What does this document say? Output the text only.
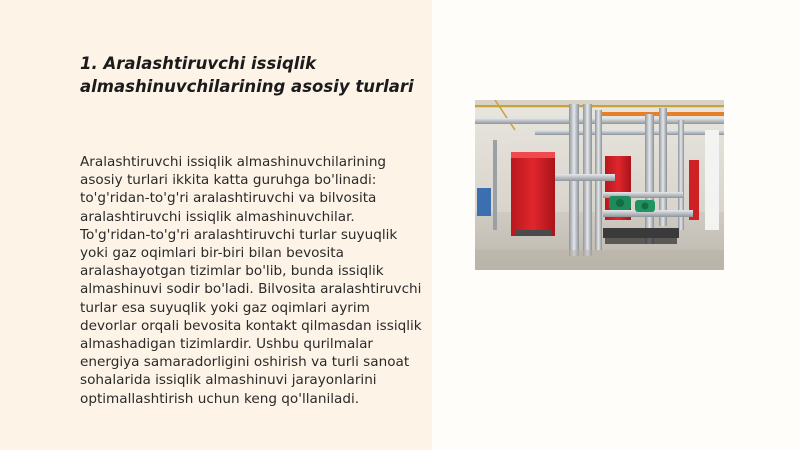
1. Aralashtiruvchi issiqlik almashinuvchilarining asosiy turlari

Aralashtiruvchi issiqlik almashinuvchilarining asosiy turlari ikkita katta guruhga bo'linadi: to'g'ridan-to'g'ri aralashtiruvchi va bilvosita aralashtiruvchi issiqlik almashinuvchilar. To'g'ridan-to'g'ri aralashtiruvchi turlar suyuqlik yoki gaz oqimlari bir-biri bilan bevosita aralashayotgan tizimlar bo'lib, bunda issiqlik almashinuvi sodir bo'ladi. Bilvosita aralashtiruvchi turlar esa suyuqlik yoki gaz oqimlari ayrim devorlar orqali bevosita kontakt qilmasdan issiqlik almashadigan tizimlardir. Ushbu qurilmalar energiya samaradorligini oshirish va turli sanoat sohalarida issiqlik almashinuvi jarayonlarini optimallashtirish uchun keng qo'llaniladi.
